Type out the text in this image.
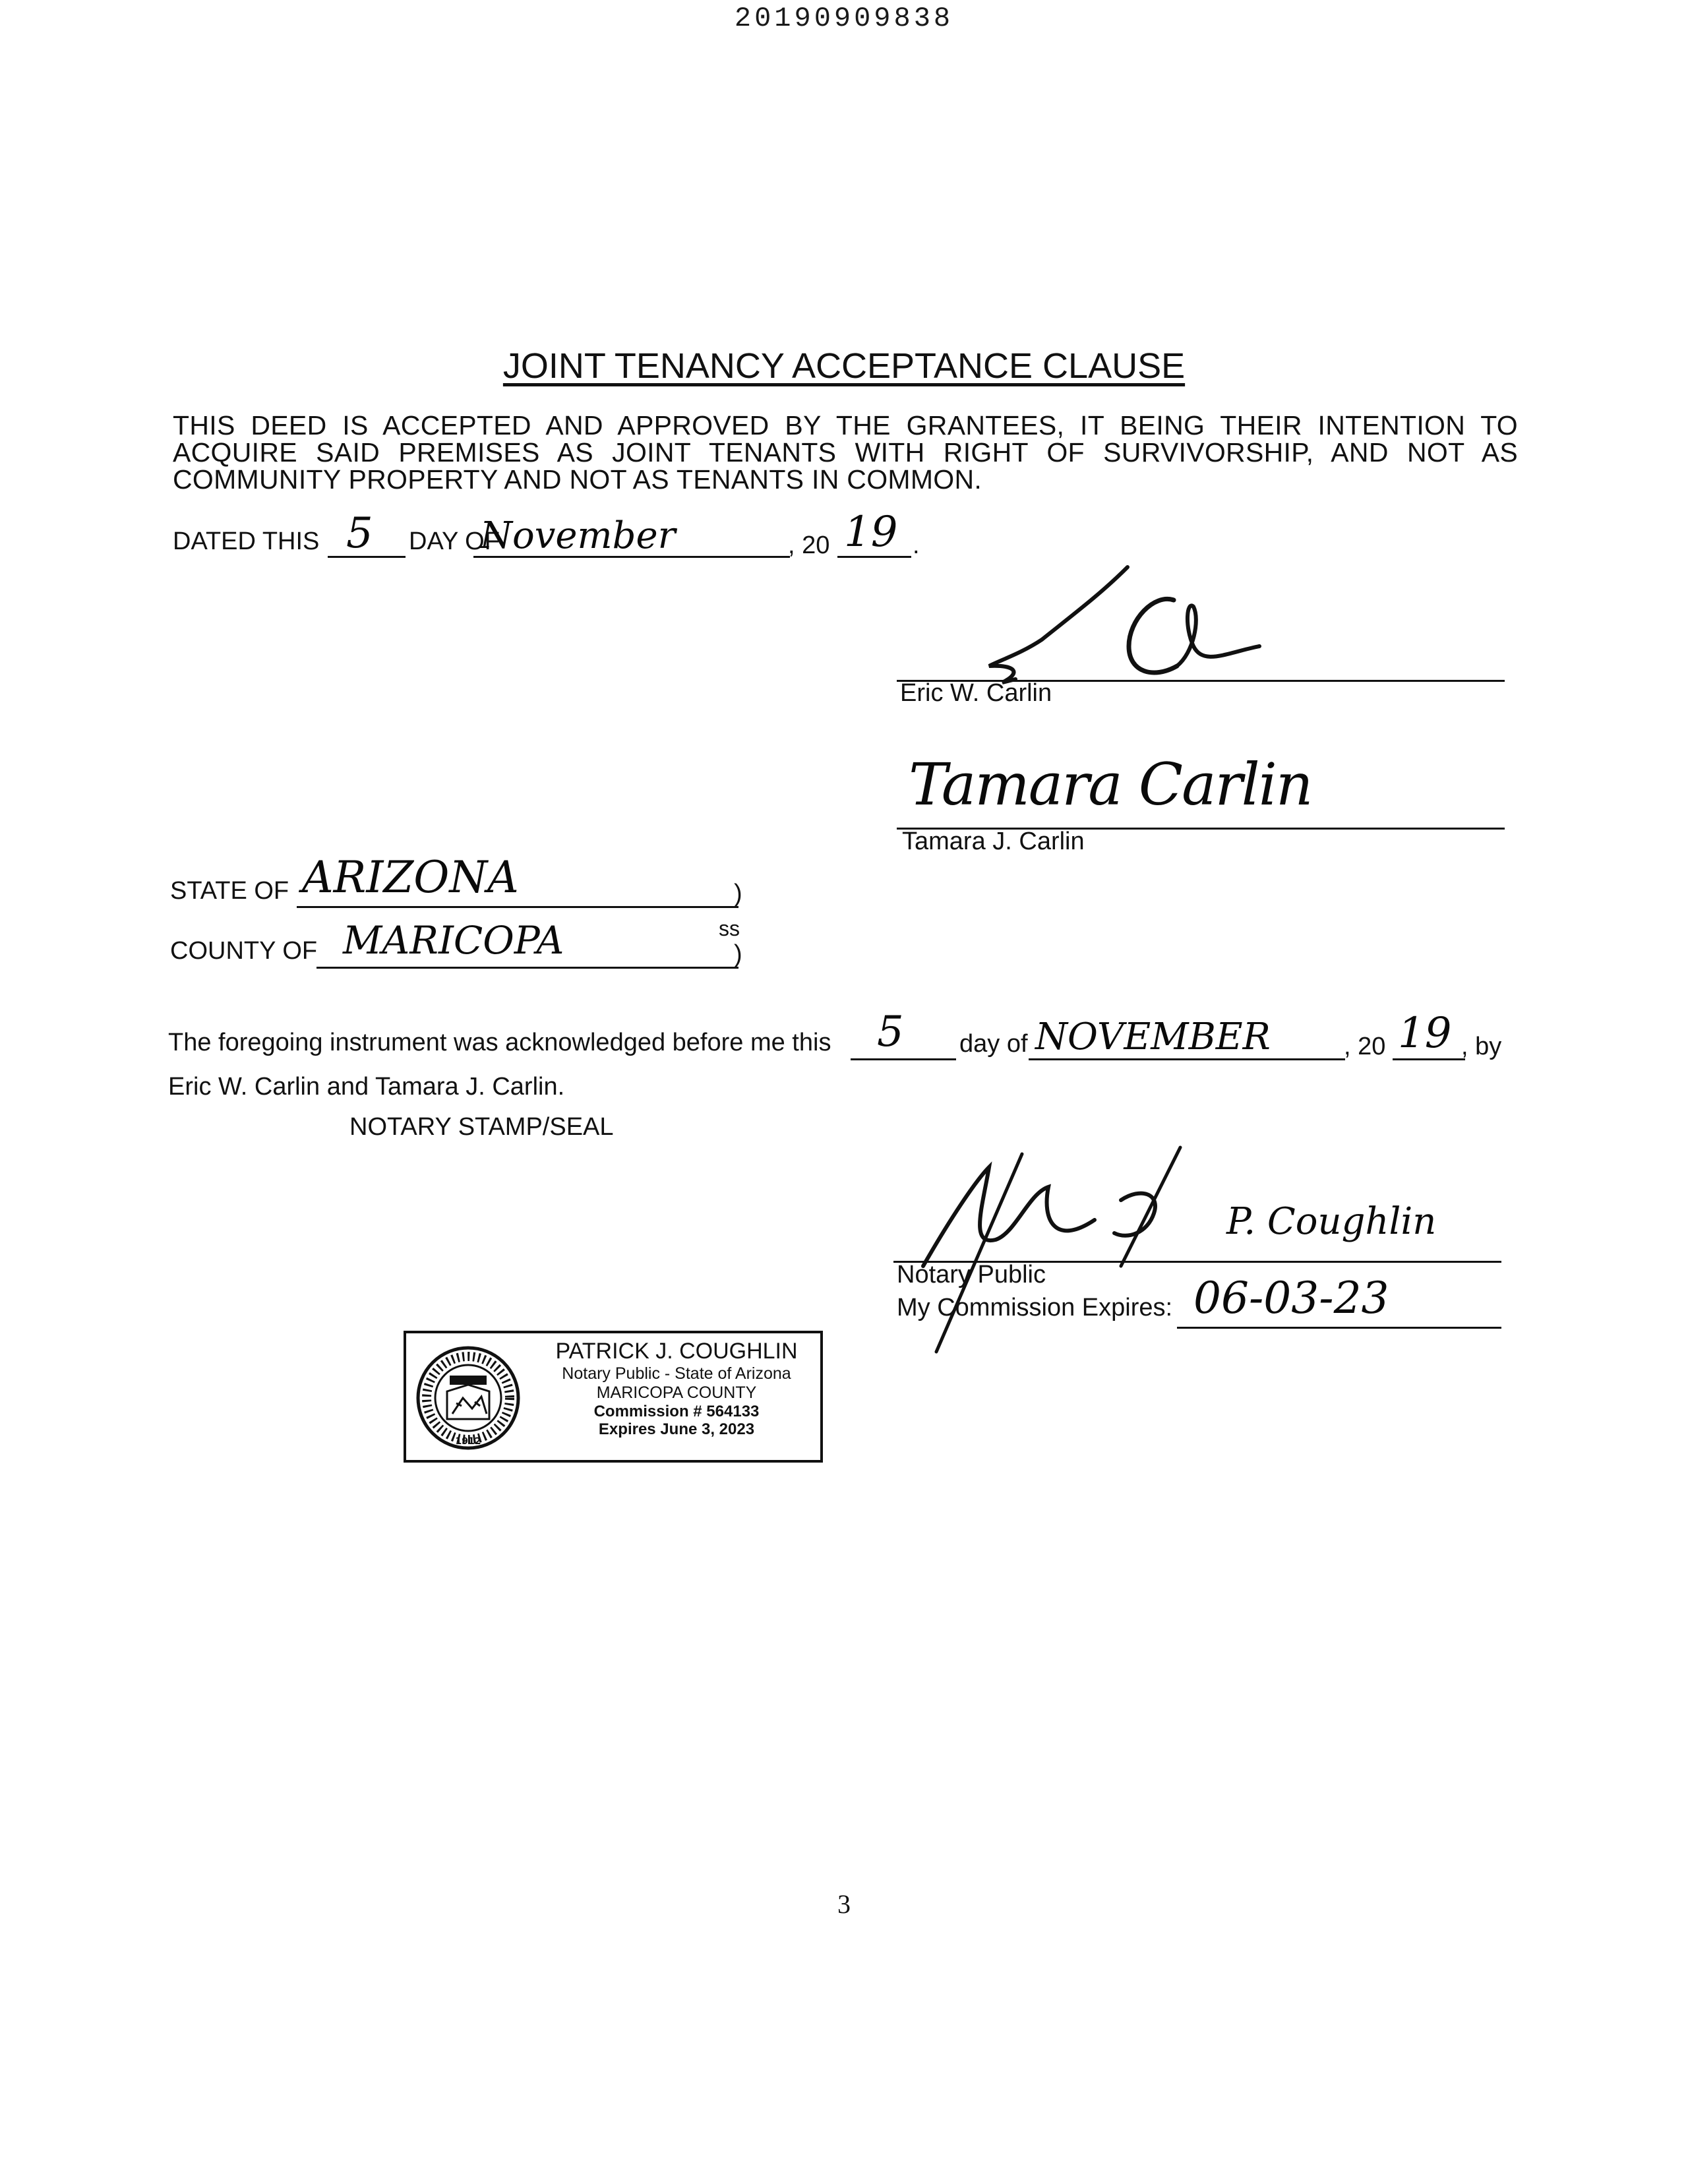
20190909838
JOINT TENANCY ACCEPTANCE CLAUSE
THIS DEED IS ACCEPTED AND APPROVED BY THE GRANTEES, IT BEING THEIR INTENTION TO ACQUIRE SAID PREMISES AS JOINT TENANTS WITH RIGHT OF SURVIVORSHIP, AND NOT AS COMMUNITY PROPERTY AND NOT AS TENANTS IN COMMON.
DATED THIS 5 DAY OF
November	, 20 19 .
Eric W. Carlin
Tamara Carlin
Tamara J. Carlin
STATE OF ARIZONA	)
ss
COUNTY OF MARICOPA	)
The foregoing instrument was acknowledged before me this 5 day of NOVEMBER	, 20 19 , by
Eric W. Carlin and Tamara J. Carlin.
NOTARY STAMP/SEAL
P. Coughlin
Notary Public
My Commission Expires: 06-03-23
1912
PATRICK J. COUGHLIN
Notary Public - State of Arizona
MARICOPA COUNTY
Commission # 564133
Expires June 3, 2023
3
